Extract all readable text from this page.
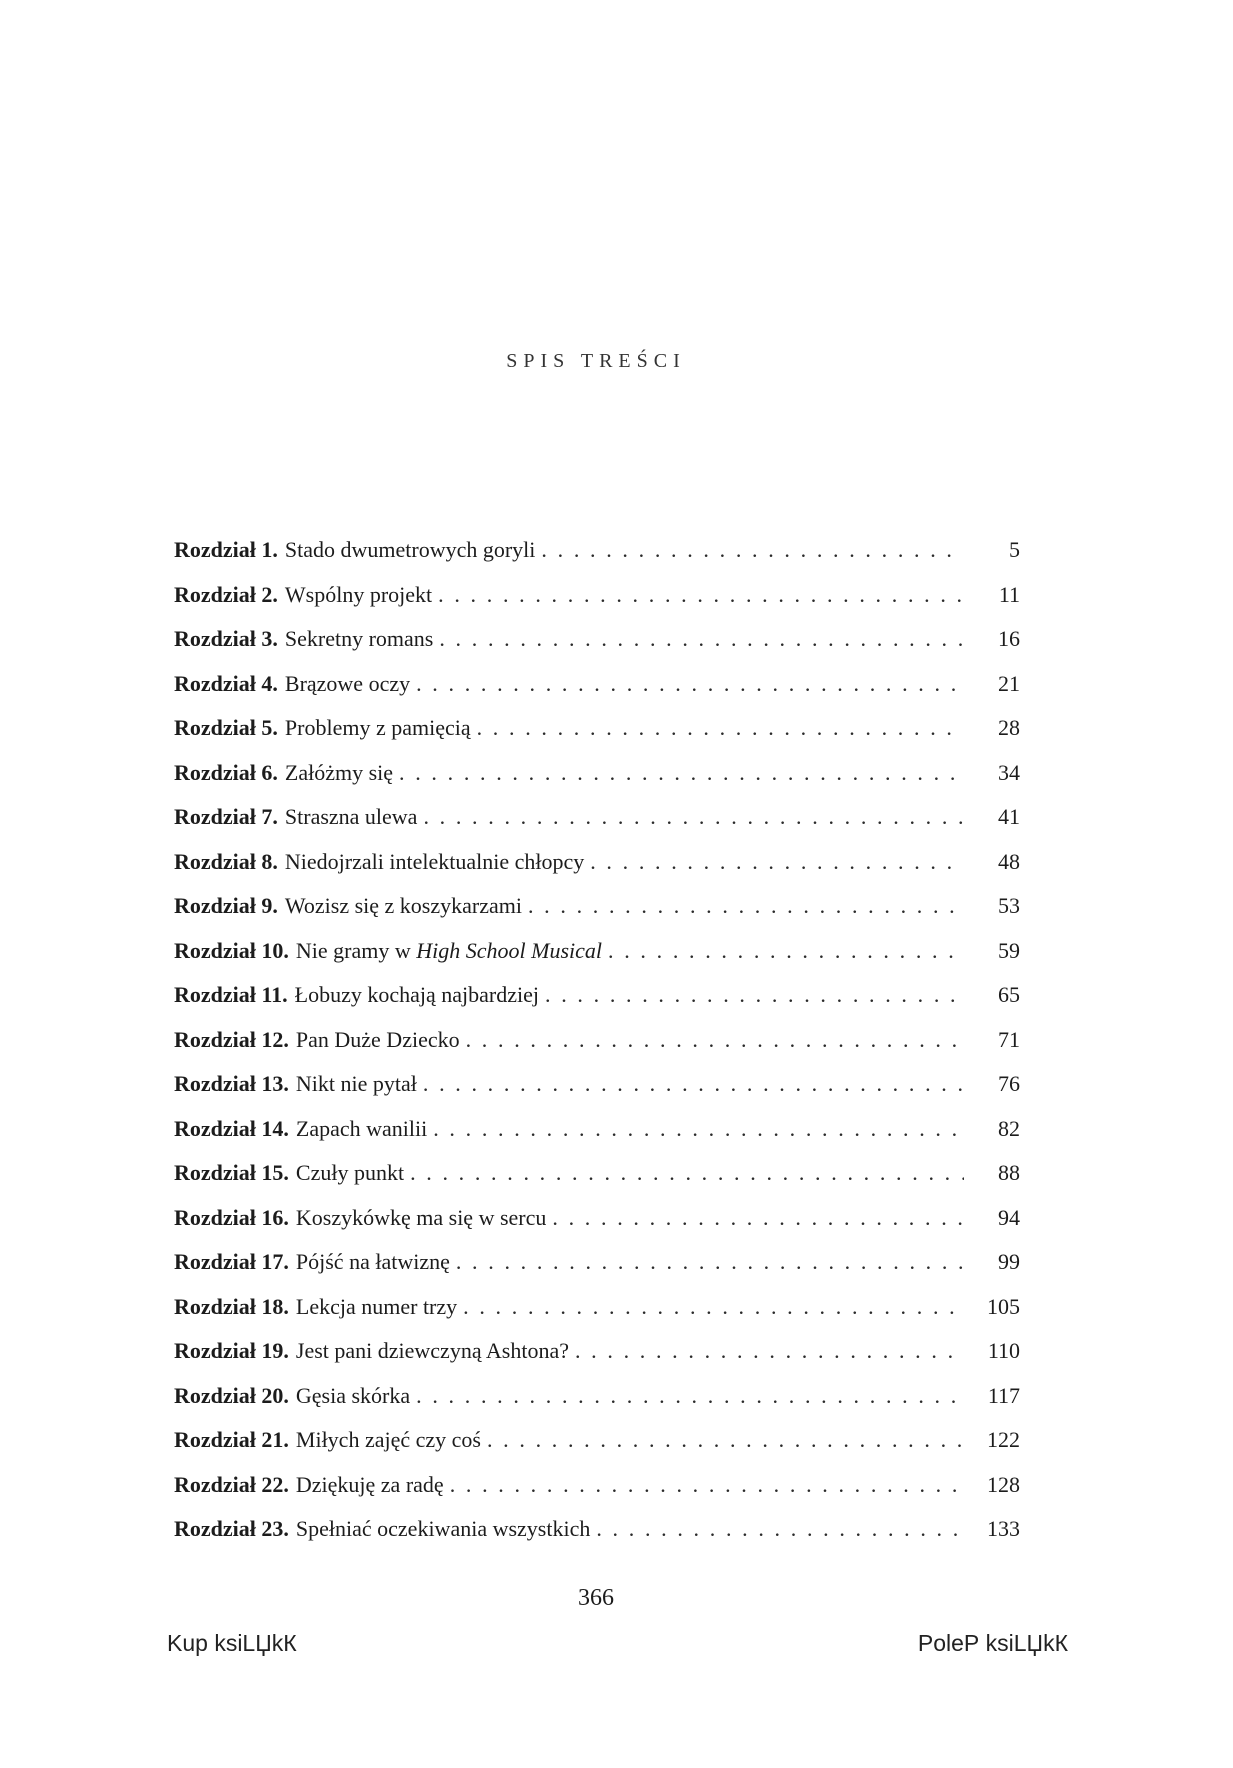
SPIS TREŚCI
Rozdział 1. Stado dwumetrowych goryli . . .	5
Rozdział 2. Wspólny projekt . . .	11
Rozdział 3. Sekretny romans . . .	16
Rozdział 4. Brązowe oczy . . .	21
Rozdział 5. Problemy z pamięcią . . .	28
Rozdział 6. Załóżmy się . . .	34
Rozdział 7. Straszna ulewa . . .	41
Rozdział 8. Niedojrzali intelektualnie chłopcy . . .	48
Rozdział 9. Wozisz się z koszykarzami . . .	53
Rozdział 10. Nie gramy w High School Musical . . .	59
Rozdział 11. Łobuzy kochają najbardziej . . .	65
Rozdział 12. Pan Duże Dziecko . . .	71
Rozdział 13. Nikt nie pytał . . .	76
Rozdział 14. Zapach wanilii . . .	82
Rozdział 15. Czuły punkt . . .	88
Rozdział 16. Koszykówkę ma się w sercu . . .	94
Rozdział 17. Pójść na łatwiznę . . .	99
Rozdział 18. Lekcja numer trzy . . .	105
Rozdział 19. Jest pani dziewczyną Ashtona? . . .	110
Rozdział 20. Gęsia skórka . . .	117
Rozdział 21. Miłych zajęć czy coś . . .	122
Rozdział 22. Dziękuję za radę . . .	128
Rozdział 23. Spełniać oczekiwania wszystkich . . .	133
366
Kup ksiLЏkК	PoleР ksiLЏkК
